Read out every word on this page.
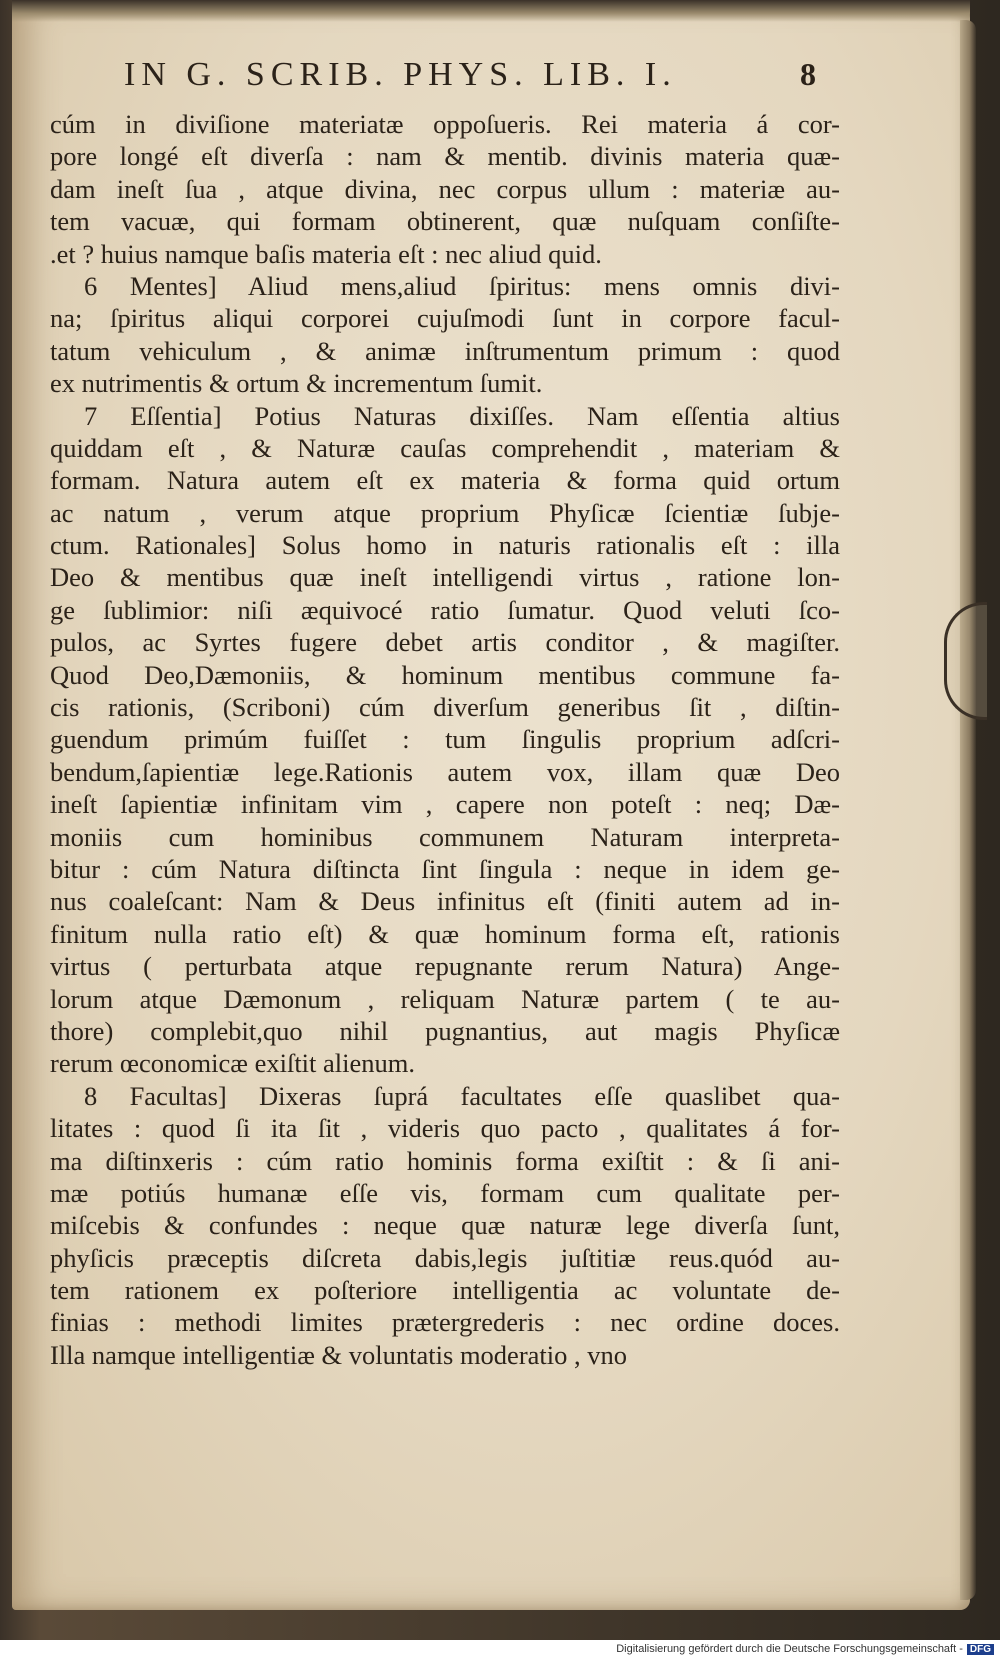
IN G. SCRIB. PHYS. LIB. I.	8
cúm in diviſione materiatæ oppoſueris. Rei materia á cor-
pore longé eſt diverſa : nam & mentib. divinis materia quæ-
dam ineſt ſua , atque divina, nec corpus ullum : materiæ au-
tem vacuæ, qui formam obtinerent, quæ nuſquam conſiſte-
.et ? huius namque baſis materia eſt : nec aliud quid.
6 Mentes] Aliud mens,aliud ſpiritus: mens omnis divi-
na; ſpiritus aliqui corporei cujuſmodi ſunt in corpore facul-
tatum vehiculum , & animæ inſtrumentum primum : quod
ex nutrimentis & ortum & incrementum ſumit.
7 Eſſentia] Potius Naturas dixiſſes. Nam eſſentia altius
quiddam eſt , & Naturæ cauſas comprehendit , materiam &
formam. Natura autem eſt ex materia & forma quid ortum
ac natum , verum atque proprium Phyſicæ ſcientiæ ſubje-
ctum. Rationales] Solus homo in naturis rationalis eſt : illa
Deo & mentibus quæ ineſt intelligendi virtus , ratione lon-
ge ſublimior: niſi æquivocé ratio ſumatur. Quod veluti ſco-
pulos, ac Syrtes fugere debet artis conditor , & magiſter.
Quod Deo,Dæmoniis, & hominum mentibus commune fa-
cis rationis, (Scriboni) cúm diverſum generibus ſit , diſtin-
guendum primúm fuiſſet : tum ſingulis proprium adſcri-
bendum,ſapientiæ lege.Rationis autem vox, illam quæ Deo
ineſt ſapientiæ infinitam vim , capere non poteſt : neq; Dæ-
moniis cum hominibus communem Naturam interpreta-
bitur : cúm Natura diſtincta ſint ſingula : neque in idem ge-
nus coaleſcant: Nam & Deus infinitus eſt (finiti autem ad in-
finitum nulla ratio eſt) & quæ hominum forma eſt, rationis
virtus ( perturbata atque repugnante rerum Natura) Ange-
lorum atque Dæmonum , reliquam Naturæ partem ( te au-
thore) complebit,quo nihil pugnantius, aut magis Phyſicæ
rerum œconomicæ exiſtit alienum.
8 Facultas] Dixeras ſuprá facultates eſſe quaslibet qua-
litates : quod ſi ita ſit , videris quo pacto , qualitates á for-
ma diſtinxeris : cúm ratio hominis forma exiſtit : & ſi ani-
mæ potiús humanæ eſſe vis, formam cum qualitate per-
miſcebis & confundes : neque quæ naturæ lege diverſa ſunt,
phyſicis præceptis diſcreta dabis,legis juſtitiæ reus.quód au-
tem rationem ex poſteriore intelligentia ac voluntate de-
finias : methodi limites prætergrederis : nec ordine doces.
Illa namque intelligentiæ & voluntatis moderatio , vno
Digitalisierung gefördert durch die Deutsche Forschungsgemeinschaft - DFG
